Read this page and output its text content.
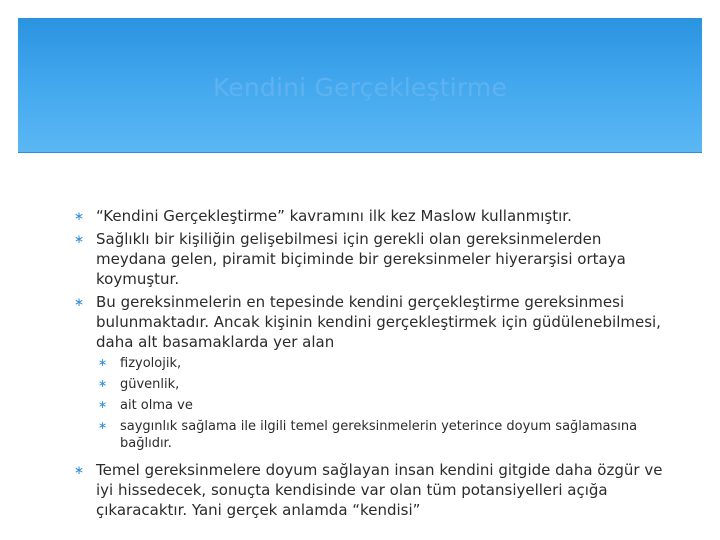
Kendini Gerçekleştirme
∗ “Kendini Gerçekleştirme” kavramını ilk kez Maslow kullanmıştır.
∗ Sağlıklı bir kişiliğin gelişebilmesi için gerekli olan gereksinmelerden meydana gelen, piramit biçiminde bir gereksinmeler hiyerarşisi ortaya koymuştur.
∗ Bu gereksinmelerin en tepesinde kendini gerçekleştirme gereksinmesi bulunmaktadır. Ancak kişinin kendini gerçekleştirmek için güdülenebilmesi, daha alt basamaklarda yer alan
∗ fizyolojik,
∗ güvenlik,
∗ ait olma ve
∗ saygınlık sağlama ile ilgili temel gereksinmelerin yeterince doyum sağlamasına bağlıdır.
∗ Temel gereksinmelere doyum sağlayan insan kendini gitgide daha özgür ve iyi hissedecek, sonuçta kendisinde var olan tüm potansiyelleri açığa çıkaracaktır. Yani gerçek anlamda “kendisi”
